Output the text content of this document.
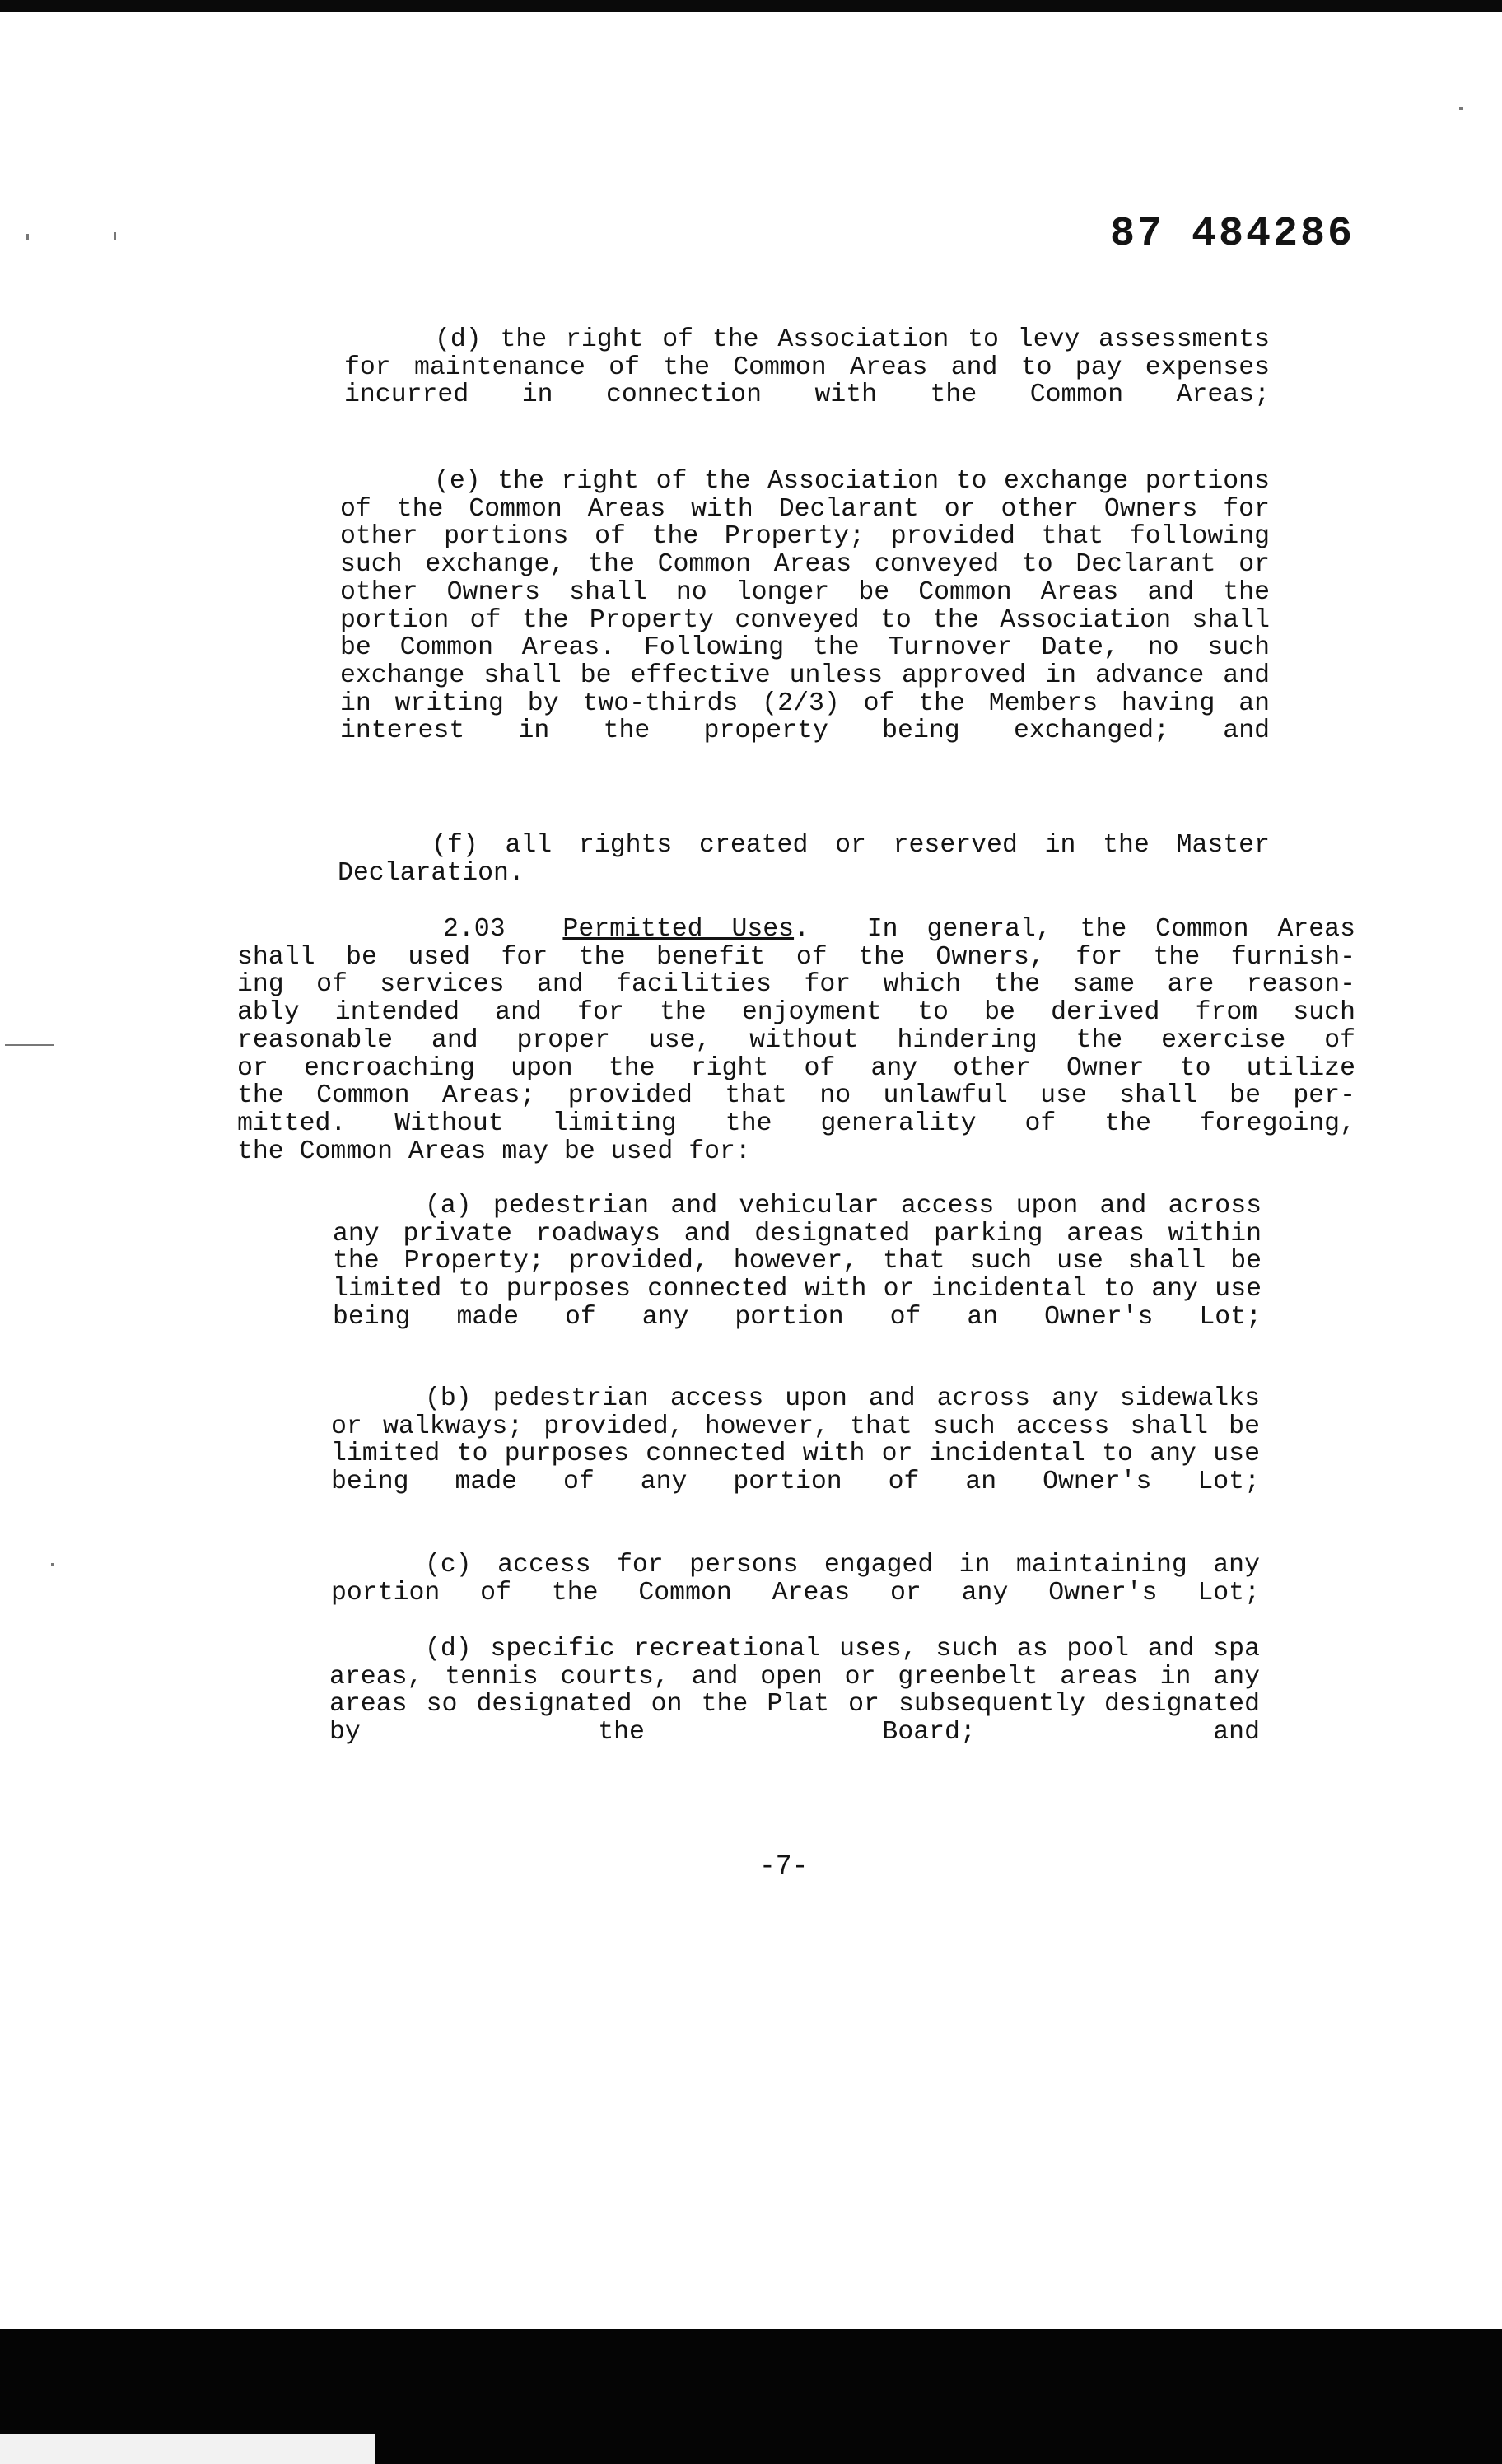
87 484286

(d) the right of the Association to levy assessments for maintenance of the Common Areas and to pay expenses incurred in connection with the Common Areas;

(e) the right of the Association to exchange portions of the Common Areas with Declarant or other Owners for other portions of the Property; provided that following such exchange, the Common Areas conveyed to Declarant or other Owners shall no longer be Common Areas and the portion of the Property conveyed to the Association shall be Common Areas. Following the Turnover Date, no such exchange shall be effective unless approved in advance and in writing by two-thirds (2/3) of the Members having an interest in the property being exchanged; and

(f) all rights created or reserved in the Master Declaration.

2.03 Permitted Uses.  In general, the Common Areas
shall be used for the benefit of the Owners, for the furnish-
ing of services and facilities for which the same are reason-
ably intended and for the enjoyment to be derived from such
reasonable and proper use, without hindering the exercise of
or encroaching upon the right of any other Owner to utilize
the Common Areas; provided that no unlawful use shall be per-
mitted. Without limiting the generality of the foregoing,
the Common Areas may be used for:

(a) pedestrian and vehicular access upon and across any private roadways and designated parking areas within the Property; provided, however, that such use shall be limited to purposes connected with or incidental to any use being made of any portion of an Owner's Lot;

(b) pedestrian access upon and across any sidewalks or walkways; provided, however, that such access shall be limited to purposes connected with or incidental to any use being made of any portion of an Owner's Lot;

(c) access for persons engaged in maintaining any portion of the Common Areas or any Owner's Lot;

(d) specific recreational uses, such as pool and spa areas, tennis courts, and open or greenbelt areas in any areas so designated on the Plat or subsequently designated by the Board; and

-7-
